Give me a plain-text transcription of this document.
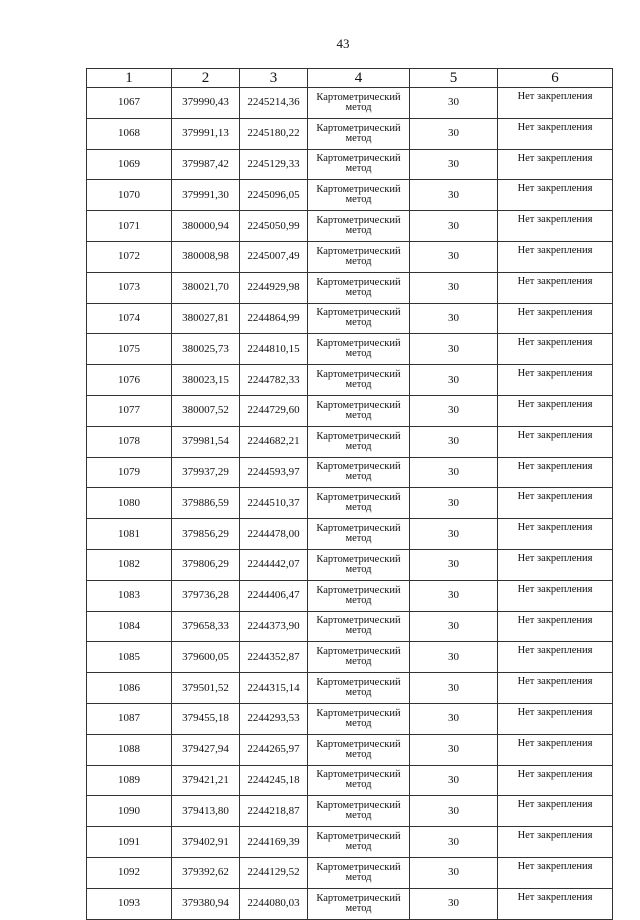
43
1	2	3	4	5	6
1067	379990,43	2245214,36	Картометрический метод	30	Нет закрепления
1068	379991,13	2245180,22	Картометрический метод	30	Нет закрепления
1069	379987,42	2245129,33	Картометрический метод	30	Нет закрепления
1070	379991,30	2245096,05	Картометрический метод	30	Нет закрепления
1071	380000,94	2245050,99	Картометрический метод	30	Нет закрепления
1072	380008,98	2245007,49	Картометрический метод	30	Нет закрепления
1073	380021,70	2244929,98	Картометрический метод	30	Нет закрепления
1074	380027,81	2244864,99	Картометрический метод	30	Нет закрепления
1075	380025,73	2244810,15	Картометрический метод	30	Нет закрепления
1076	380023,15	2244782,33	Картометрический метод	30	Нет закрепления
1077	380007,52	2244729,60	Картометрический метод	30	Нет закрепления
1078	379981,54	2244682,21	Картометрический метод	30	Нет закрепления
1079	379937,29	2244593,97	Картометрический метод	30	Нет закрепления
1080	379886,59	2244510,37	Картометрический метод	30	Нет закрепления
1081	379856,29	2244478,00	Картометрический метод	30	Нет закрепления
1082	379806,29	2244442,07	Картометрический метод	30	Нет закрепления
1083	379736,28	2244406,47	Картометрический метод	30	Нет закрепления
1084	379658,33	2244373,90	Картометрический метод	30	Нет закрепления
1085	379600,05	2244352,87	Картометрический метод	30	Нет закрепления
1086	379501,52	2244315,14	Картометрический метод	30	Нет закрепления
1087	379455,18	2244293,53	Картометрический метод	30	Нет закрепления
1088	379427,94	2244265,97	Картометрический метод	30	Нет закрепления
1089	379421,21	2244245,18	Картометрический метод	30	Нет закрепления
1090	379413,80	2244218,87	Картометрический метод	30	Нет закрепления
1091	379402,91	2244169,39	Картометрический метод	30	Нет закрепления
1092	379392,62	2244129,52	Картометрический метод	30	Нет закрепления
1093	379380,94	2244080,03	Картометрический метод	30	Нет закрепления
